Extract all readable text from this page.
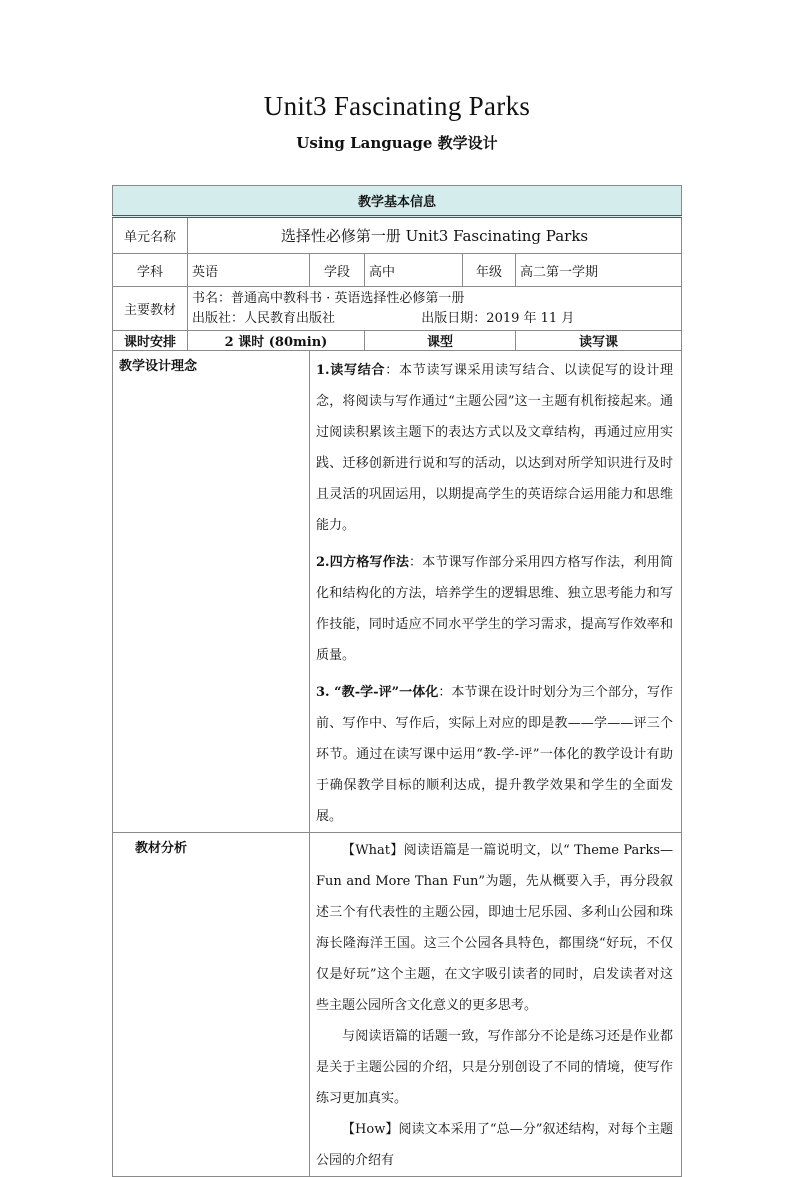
Unit3 Fascinating Parks
Using Language 教学设计
教学基本信息					
单元名称	选择性必修第一册 Unit3 Fascinating Parks				
学科	英语	学段	高中	年级	高二第一学期
主要教材	书名：普通高中教科书 · 英语选择性必修第一册
出版社：人民教育出版社 出版日期：2019 年 11 月				

课时安排	2 课时 (80min)		课型		读写课
教学设计理念		1.读写结合：本节读写课采用读写结合、以读促写的设计理念，将阅读与写作通过“主题公园”这一主题有机衔接起来。通过阅读积累该主题下的表达方式以及文章结构，再通过应用实践、迁移创新进行说和写的活动，以达到对所学知识进行及时且灵活的巩固运用，以期提高学生的英语综合运用能力和思维能力。

2.四方格写作法：本节课写作部分采用四方格写作法，利用简化和结构化的方法，培养学生的逻辑思维、独立思考能力和写作技能，同时适应不同水平学生的学习需求，提高写作效率和质量。

3. “教-学-评”一体化：本节课在设计时划分为三个部分，写作前、写作中、写作后，实际上对应的即是教——学——评三个环节。通过在读写课中运用“教-学-评”一体化的教学设计有助于确保教学目标的顺利达成，提升教学效果和学生的全面发展。			

教材分析		【What】阅读语篇是一篇说明文，以“ Theme Parks—Fun and More Than Fun”为题，先从概要入手，再分段叙述三个有代表性的主题公园，即迪士尼乐园、多利山公园和珠海长隆海洋王国。这三个公园各具特色，都围绕“好玩，不仅仅是好玩”这个主题，在文字吸引读者的同时，启发读者对这些主题公园所含文化意义的更多思考。

与阅读语篇的话题一致，写作部分不论是练习还是作业都是关于主题公园的介绍，只是分别创设了不同的情境，使写作练习更加真实。

【How】阅读文本采用了“总—分”叙述结构，对每个主题公园的介绍有			
